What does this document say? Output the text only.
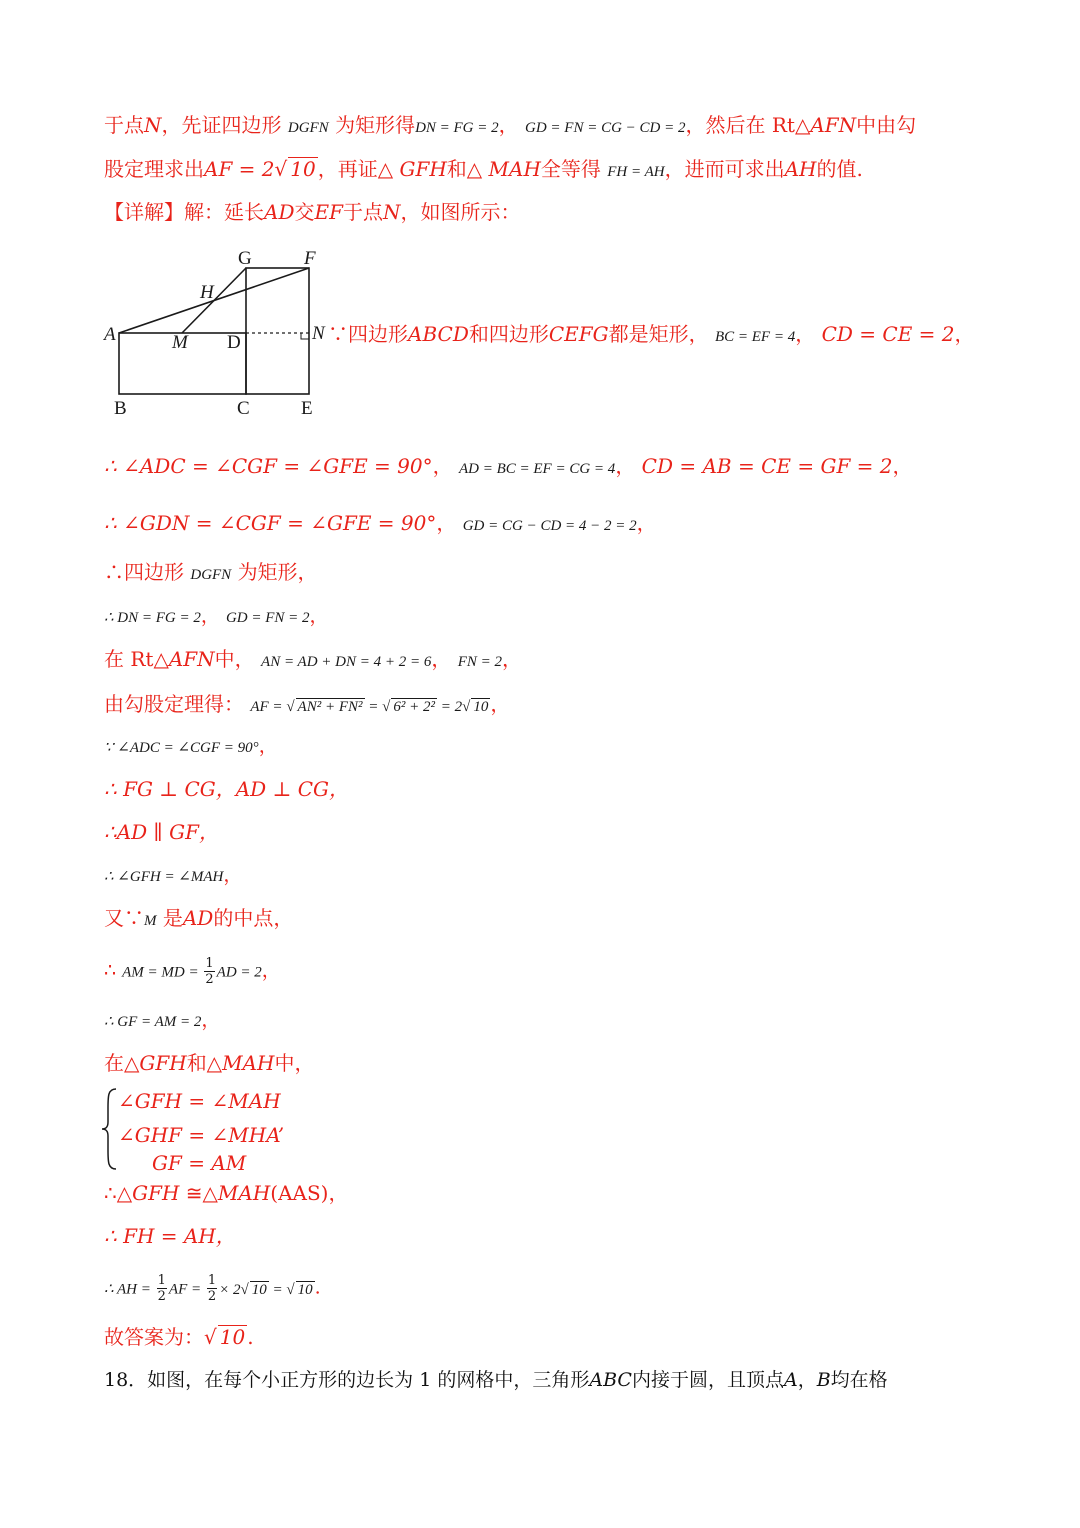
于点N，先证四边形 DGFN 为矩形得DN = FG = 2， GD = FN = CG − CD = 2，然后在 Rt△AFN中由勾
股定理求出AF = 2√ 10 ，再证△ GFH和△ MAH全等得 FH = AH，进而可求出AH的值.
【详解】解：延长AD交EF于点N，如图所示：
A
B	C
D
E
F
G
H
M	N ∵四边形ABCD和四边形CEFG都是矩形， BC = EF = 4， CD = CE = 2，
∴ ∠ADC = ∠CGF = ∠GFE = 90°， AD = BC = EF = CG = 4， CD = AB = CE = GF = 2，
∴ ∠GDN = ∠CGF = ∠GFE = 90°， GD = CG − CD = 4 − 2 = 2，
∴四边形 DGFN 为矩形，
∴ DN = FG = 2， GD = FN = 2，
在 Rt△AFN中， AN = AD + DN = 4 + 2 = 6， FN = 2，
由勾股定理得： AF = √ AN² + FN² = √ 6² + 2² = 2√ 10 ，
∵ ∠ADC = ∠CGF = 90°，
∴ FG ⊥ CG，AD ⊥ CG，
∴AD ∥ GF，
∴ ∠GFH = ∠MAH，
又∵M 是AD的中点，
∴ AM = MD = $\frac{1}{2}$ AD = 2，
∴ GF = AM = 2，
在△GFH和△MAH中，
∠GFH = ∠MAH
∠GHF = ∠MHA’
GF = AM
∴△GFH ≅△MAH(AAS)，
∴ FH = AH，
∴ AH = $\frac{1}{2}$ AF = $\frac{1}{2} \times 2√$ 10 = √ 10 .
故答案为：√ 10 .
18．如图，在每个小正方形的边长为 1 的网格中，三角形ABC内接于圆，且顶点A，B均在格
